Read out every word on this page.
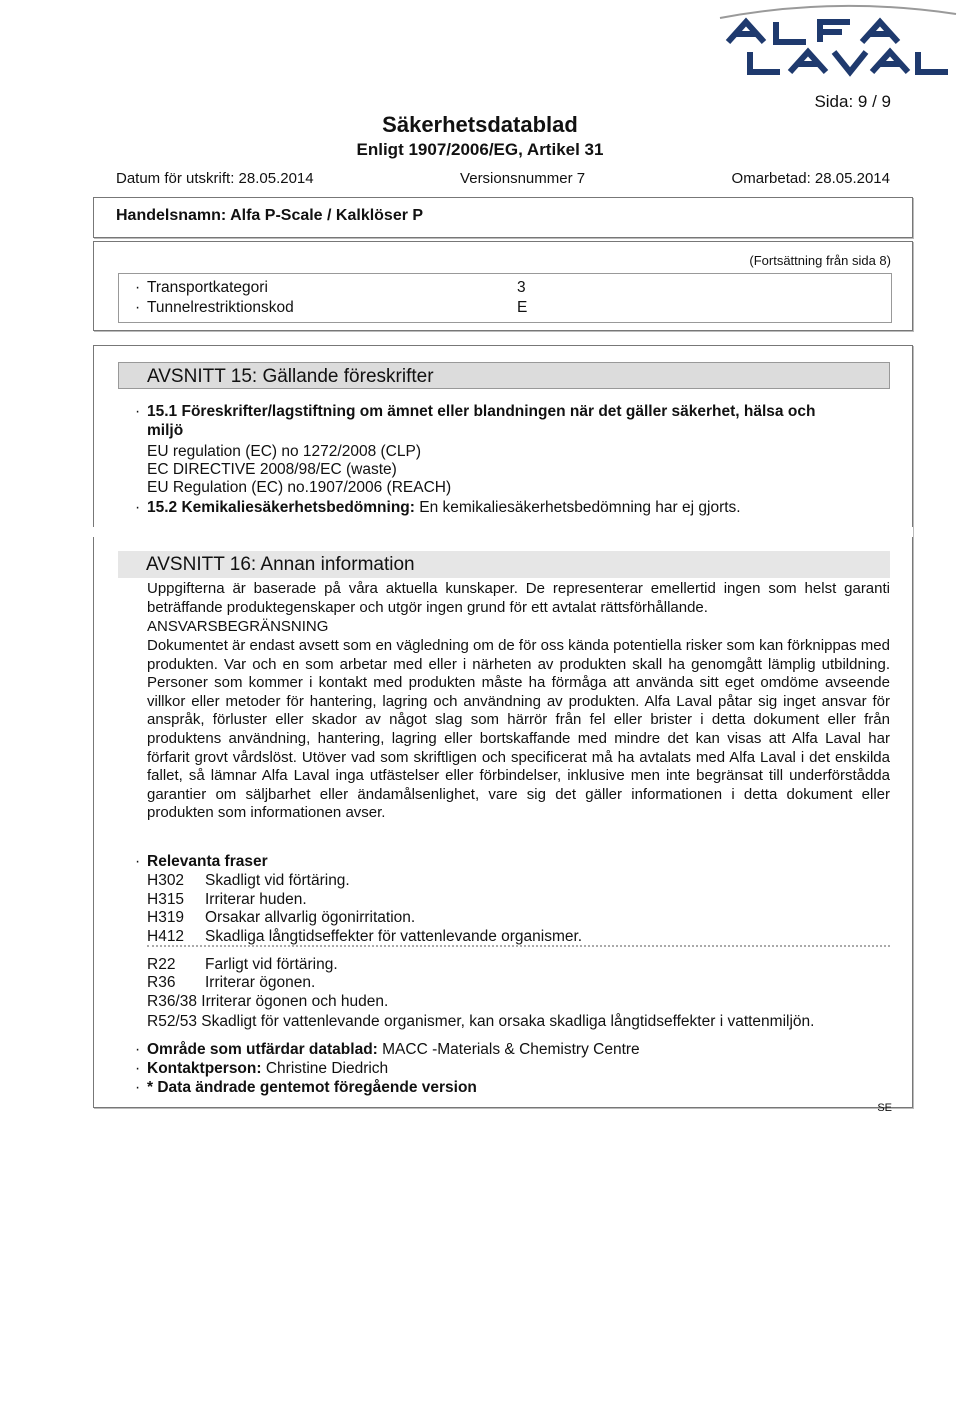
Sida: 9 / 9
Säkerhetsdatablad
Enligt 1907/2006/EG, Artikel 31
Datum för utskrift: 28.05.2014	Versionsnummer 7	Omarbetad: 28.05.2014
Handelsnamn: Alfa P-Scale / Kalklöser P
(Fortsättning från sida 8)
· Transportkategori	3
· Tunnelrestriktionskod	E
AVSNITT 15: Gällande föreskrifter
· 15.1 Föreskrifter/lagstiftning om ämnet eller blandningen när det gäller säkerhet, hälsa och
miljö
EU regulation (EC) no 1272/2008 (CLP)
EC DIRECTIVE 2008/98/EC (waste)
EU Regulation (EC) no.1907/2006 (REACH)
· 15.2 Kemikaliesäkerhetsbedömning: En kemikaliesäkerhetsbedömning har ej gjorts.
AVSNITT 16: Annan information
Uppgifterna är baserade på våra aktuella kunskaper. De representerar emellertid ingen som helst garanti beträffande produktegenskaper och utgör ingen grund för ett avtalat rättsförhållande.
ANSVARSBEGRÄNSNING
Dokumentet är endast avsett som en vägledning om de för oss kända potentiella risker som kan förknippas med produkten. Var och en som arbetar med eller i närheten av produkten skall ha genomgått lämplig utbildning. Personer som kommer i kontakt med produkten måste ha förmåga att använda sitt eget omdöme avseende villkor eller metoder för hantering, lagring och användning av produkten. Alfa Laval påtar sig inget ansvar för anspråk, förluster eller skador av något slag som härrör från fel eller brister i detta dokument eller från produktens användning, hantering, lagring eller bortskaffande med mindre det kan visas att Alfa Laval har förfarit grovt vårdslöst. Utöver vad som skriftligen och specificerat må ha avtalats med Alfa Laval i det enskilda fallet, så lämnar Alfa Laval inga utfästelser eller förbindelser, inklusive men inte begränsat till underförstådda garantier om säljbarhet eller ändamålsenlighet, vare sig det gäller informationen i detta dokument eller produkten som informationen avser.
· Relevanta fraser
H302 Skadligt vid förtäring.
H315 Irriterar huden.
H319 Orsakar allvarlig ögonirritation.
H412 Skadliga långtidseffekter för vattenlevande organismer.
R22 Farligt vid förtäring.
R36 Irriterar ögonen.
R36/38 Irriterar ögonen och huden.
R52/53 Skadligt för vattenlevande organismer, kan orsaka skadliga långtidseffekter i vattenmiljön.
· Område som utfärdar datablad: MACC -Materials & Chemistry Centre
· Kontaktperson: Christine Diedrich
· * Data ändrade gentemot föregående version
SE
